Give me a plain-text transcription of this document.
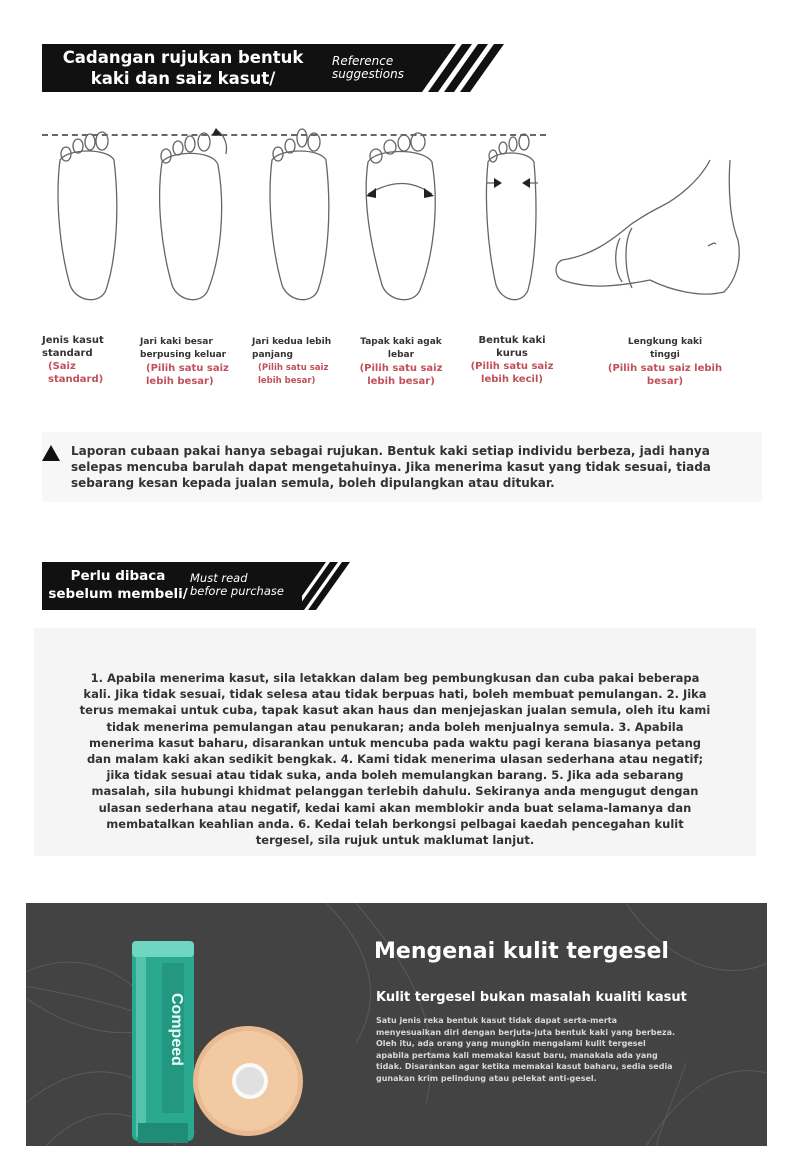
Cadangan rujukan bentuk
kaki dan saiz kasut/
Reference
suggestions
Jenis kasut
standard
(Saiz
standard)
Jari kaki besar
berpusing keluar
(Pilih satu saiz
lebih besar)
Jari kedua lebih
panjang
(Pilih satu saiz
lebih besar)
Tapak kaki agak
lebar
(Pilih satu saiz
lebih besar)
Bentuk kaki
kurus
(Pilih satu saiz
lebih kecil)
Lengkung kaki
tinggi
(Pilih satu saiz lebih
besar)

Laporan cubaan pakai hanya sebagai rujukan. Bentuk kaki setiap individu berbeza, jadi hanya selepas mencuba barulah dapat mengetahuinya. Jika menerima kasut yang tidak sesuai, tiada sebarang kesan kepada jualan semula, boleh dipulangkan atau ditukar.

Perlu dibaca
sebelum membeli/
Must read
before purchase

1. Apabila menerima kasut, sila letakkan dalam beg pembungkusan dan cuba pakai beberapa kali. Jika tidak sesuai, tidak selesa atau tidak berpuas hati, boleh membuat pemulangan. 2. Jika terus memakai untuk cuba, tapak kasut akan haus dan menjejaskan jualan semula, oleh itu kami tidak menerima pemulangan atau penukaran; anda boleh menjualnya semula. 3. Apabila menerima kasut baharu, disarankan untuk mencuba pada waktu pagi kerana biasanya petang dan malam kaki akan sedikit bengkak. 4. Kami tidak menerima ulasan sederhana atau negatif; jika tidak sesuai atau tidak suka, anda boleh memulangkan barang. 5. Jika ada sebarang masalah, sila hubungi khidmat pelanggan terlebih dahulu. Sekiranya anda mengugut dengan ulasan sederhana atau negatif, kedai kami akan memblokir anda buat selama-lamanya dan membatalkan keahlian anda. 6. Kedai telah berkongsi pelbagai kaedah pencegahan kulit tergesel, sila rujuk untuk maklumat lanjut.

Compeed
Mengenai kulit tergesel
Kulit tergesel bukan masalah kualiti kasut
Satu jenis reka bentuk kasut tidak dapat serta-merta menyesuaikan diri dengan berjuta-juta bentuk kaki yang berbeza. Oleh itu, ada orang yang mungkin mengalami kulit tergesel apabila pertama kali memakai kasut baru, manakala ada yang tidak. Disarankan agar ketika memakai kasut baharu, sedia sedia gunakan krim pelindung atau pelekat anti-gesel.
